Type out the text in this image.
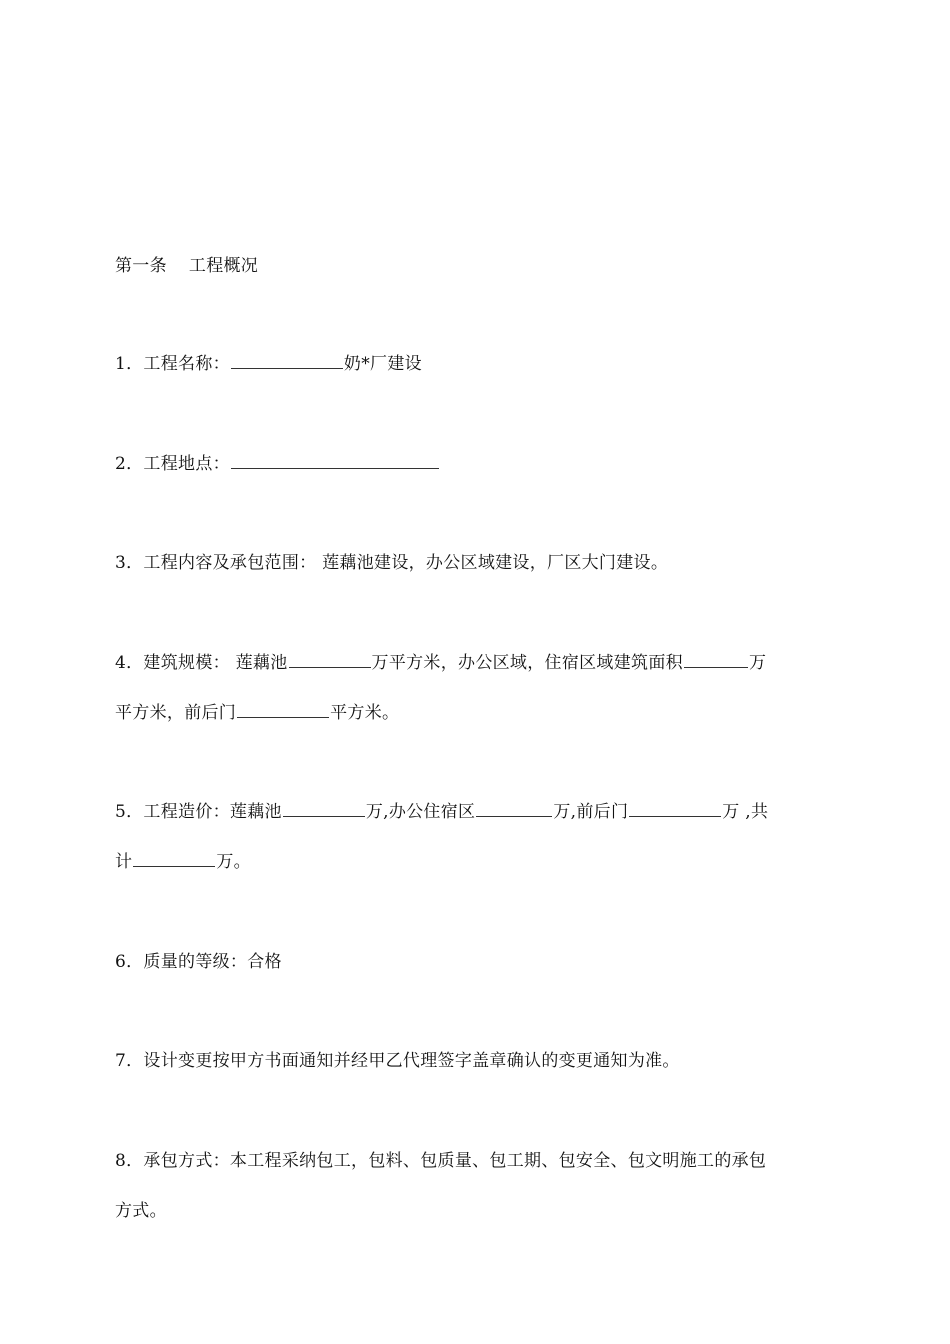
第一条 工程概况

1．工程名称：	奶*厂建设

2．工程地点：

3．工程内容及承包范围： 莲藕池建设，办公区域建设，厂区大门建设。

4．建筑规模： 莲藕池	万平方米，办公区域，住宿区域建筑面积	万

平方米，前后门	平方米。

5．工程造价：莲藕池	万,办公住宿区	万,前后门	万 ,共

计	万。

6．质量的等级：合格

7．设计变更按甲方书面通知并经甲乙代理签字盖章确认的变更通知为准。

8．承包方式：本工程采纳包工，包料、包质量、包工期、包安全、包文明施工的承包

方式。
